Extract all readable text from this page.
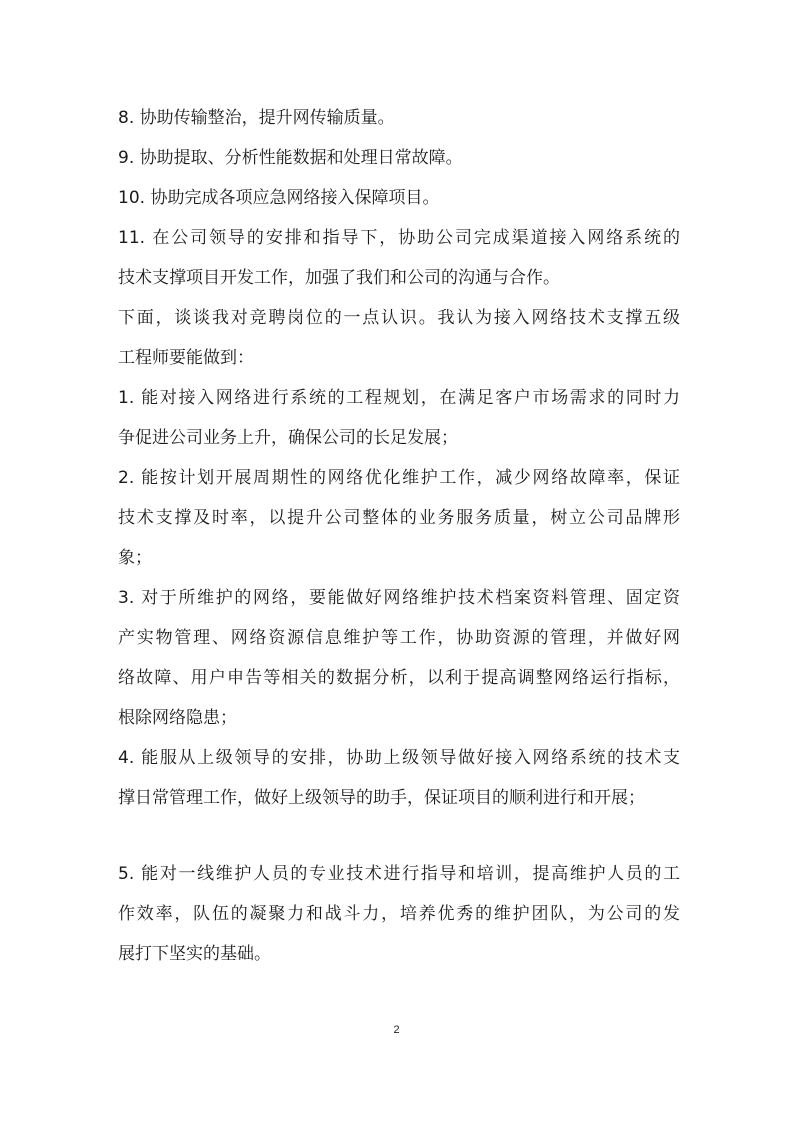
8. 协助传输整治，提升网传输质量。
9. 协助提取、分析性能数据和处理日常故障。
10. 协助完成各项应急网络接入保障项目。
11. 在公司领导的安排和指导下，协助公司完成渠道接入网络系统的
技术支撑项目开发工作，加强了我们和公司的沟通与合作。
下面，谈谈我对竞聘岗位的一点认识。我认为接入网络技术支撑五级
工程师要能做到：
1. 能对接入网络进行系统的工程规划，在满足客户市场需求的同时力
争促进公司业务上升，确保公司的长足发展；
2. 能按计划开展周期性的网络优化维护工作，减少网络故障率，保证
技术支撑及时率，以提升公司整体的业务服务质量，树立公司品牌形
象；
3. 对于所维护的网络，要能做好网络维护技术档案资料管理、固定资
产实物管理、网络资源信息维护等工作，协助资源的管理，并做好网
络故障、用户申告等相关的数据分析，以利于提高调整网络运行指标，
根除网络隐患；
4. 能服从上级领导的安排，协助上级领导做好接入网络系统的技术支
撑日常管理工作，做好上级领导的助手，保证项目的顺利进行和开展；
5. 能对一线维护人员的专业技术进行指导和培训，提高维护人员的工
作效率，队伍的凝聚力和战斗力，培养优秀的维护团队，为公司的发
展打下坚实的基础。
2
